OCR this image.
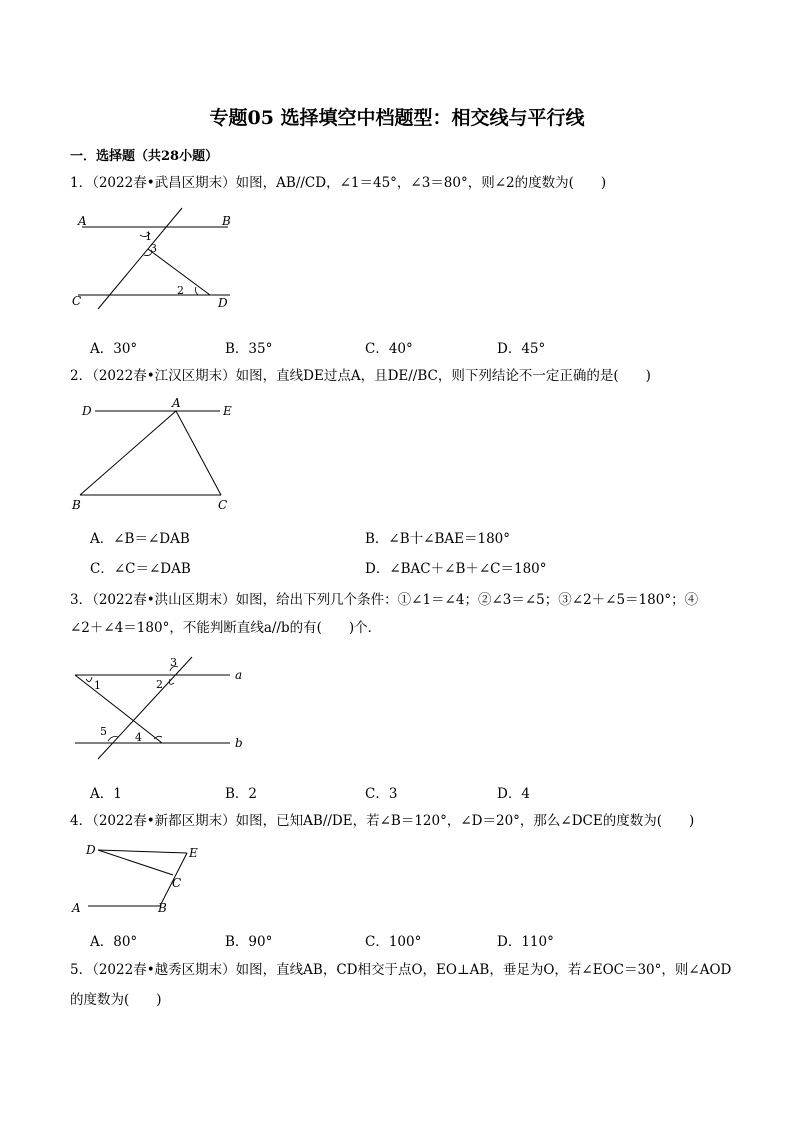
专题05 选择填空中档题型：相交线与平行线
一．选择题（共28小题）
1．（2022春•武昌区期末）如图，AB//CD，∠1＝45°，∠3＝80°，则∠2的度数为(　　)
A	B
C	D
1
3
2
A．30°	B．35°	C．40°	D．45°
2．（2022春•江汉区期末）如图，直线DE过点A，且DE//BC，则下列结论不一定正确的是(　　)
D
A
E
B	C
A．∠B＝∠DAB	B．∠B十∠BAE＝180°
C．∠C＝∠DAB	D．∠BAC＋∠B＋∠C＝180°
3．（2022春•洪山区期末）如图，给出下列几个条件：①∠1＝∠4；②∠3＝∠5；③∠2＋∠5＝180°；④
∠2＋∠4＝180°，不能判断直线a//b的有(　　)个．
1	2
3
4
5
a
b
A．1	B．2	C．3	D．4
4．（2022春•新都区期末）如图，已知AB//DE，若∠B＝120°，∠D＝20°，那么∠DCE的度数为(　　)
D	E
C
A	B
A．80°	B．90°	C．100°	D．110°
5．（2022春•越秀区期末）如图，直线AB，CD相交于点O，EO⊥AB，垂足为O，若∠EOC＝30°，则∠AOD
的度数为(　　)
